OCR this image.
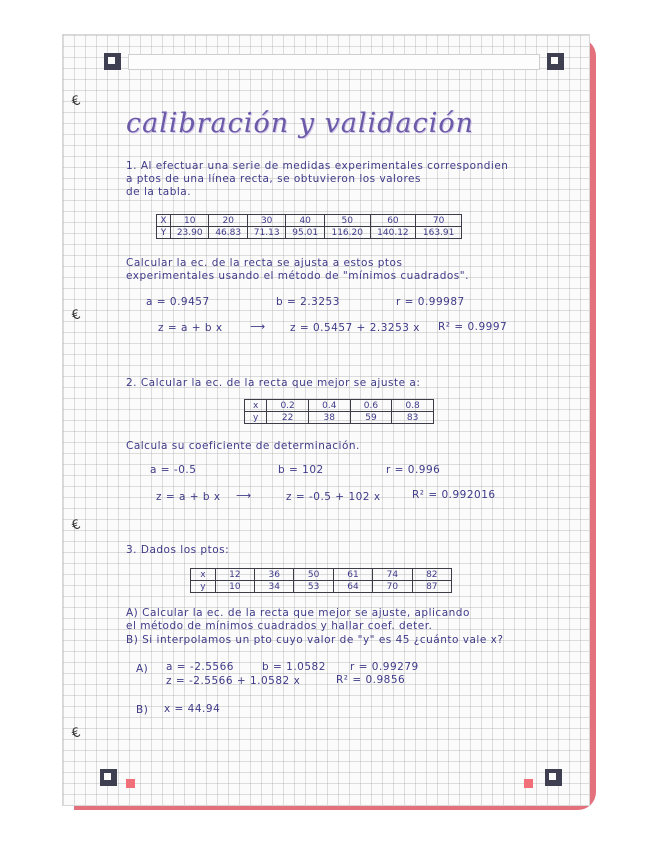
€
€
€
€
calibración y validación
1. Al efectuar una serie de medidas experimentales correspondien
a ptos de una línea recta, se obtuvieron los valores
de la tabla.
X	10	20	30	40	50	60	70
Y	23.90	46.83	71.13	95.01	116.20	140.12	163.91
Calcular la ec. de la recta se ajusta a estos ptos
experimentales usando el método de "mínimos cuadrados".
a = 0.9457	b = 2.3253	r = 0.99987
z = a + b x	⟶ z = 0.5457 + 2.3253 x R² = 0.9997
2. Calcular la ec. de la recta que mejor se ajuste a:
x	0.2	0.4	0.6	0.8
y	22	38	59	83
Calcula su coeficiente de determinación.
a = -0.5	b = 102	r = 0.996
z = a + b x ⟶	z = -0.5 + 102 x	R² = 0.992016
3. Dados los ptos:
x	12	36	50	61	74	82
y	10	34	53	64	70	87
A) Calcular la ec. de la recta que mejor se ajuste, aplicando
el método de mínimos cuadrados y hallar coef. deter.
B) Si interpolamos un pto cuyo valor de "y" es 45 ¿cuánto vale x?
A) a = -2.5566	b = 1.0582 r = 0.99279
z = -2.5566 + 1.0582 x	R² = 0.9856
B) x = 44.94
